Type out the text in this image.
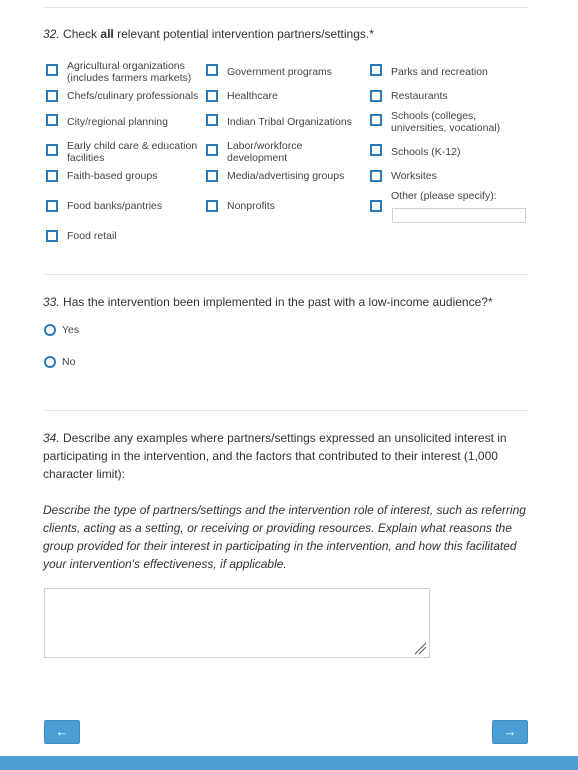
32. Check all relevant potential intervention partners/settings.*
Agricultural organizations
(includes farmers markets)
Chefs/culinary professionals
City/regional planning
Early child care & education
facilities
Faith-based groups
Food banks/pantries
Food retail
Government programs
Healthcare
Indian Tribal Organizations
Labor/workforce
development
Media/advertising groups
Nonprofits
Parks and recreation
Restaurants
Schools (colleges,
universities, vocational)
Schools (K-12)
Worksites
Other (please specify):
33. Has the intervention been implemented in the past with a low-income audience?*
Yes
No
34. Describe any examples where partners/settings expressed an unsolicited interest in participating in the intervention, and the factors that contributed to their interest (1,000 character limit):
Describe the type of partners/settings and the intervention role of interest, such as referring clients, acting as a setting, or receiving or providing resources. Explain what reasons the group provided for their interest in participating in the intervention, and how this facilitated your intervention's effectiveness, if applicable.
←	→
